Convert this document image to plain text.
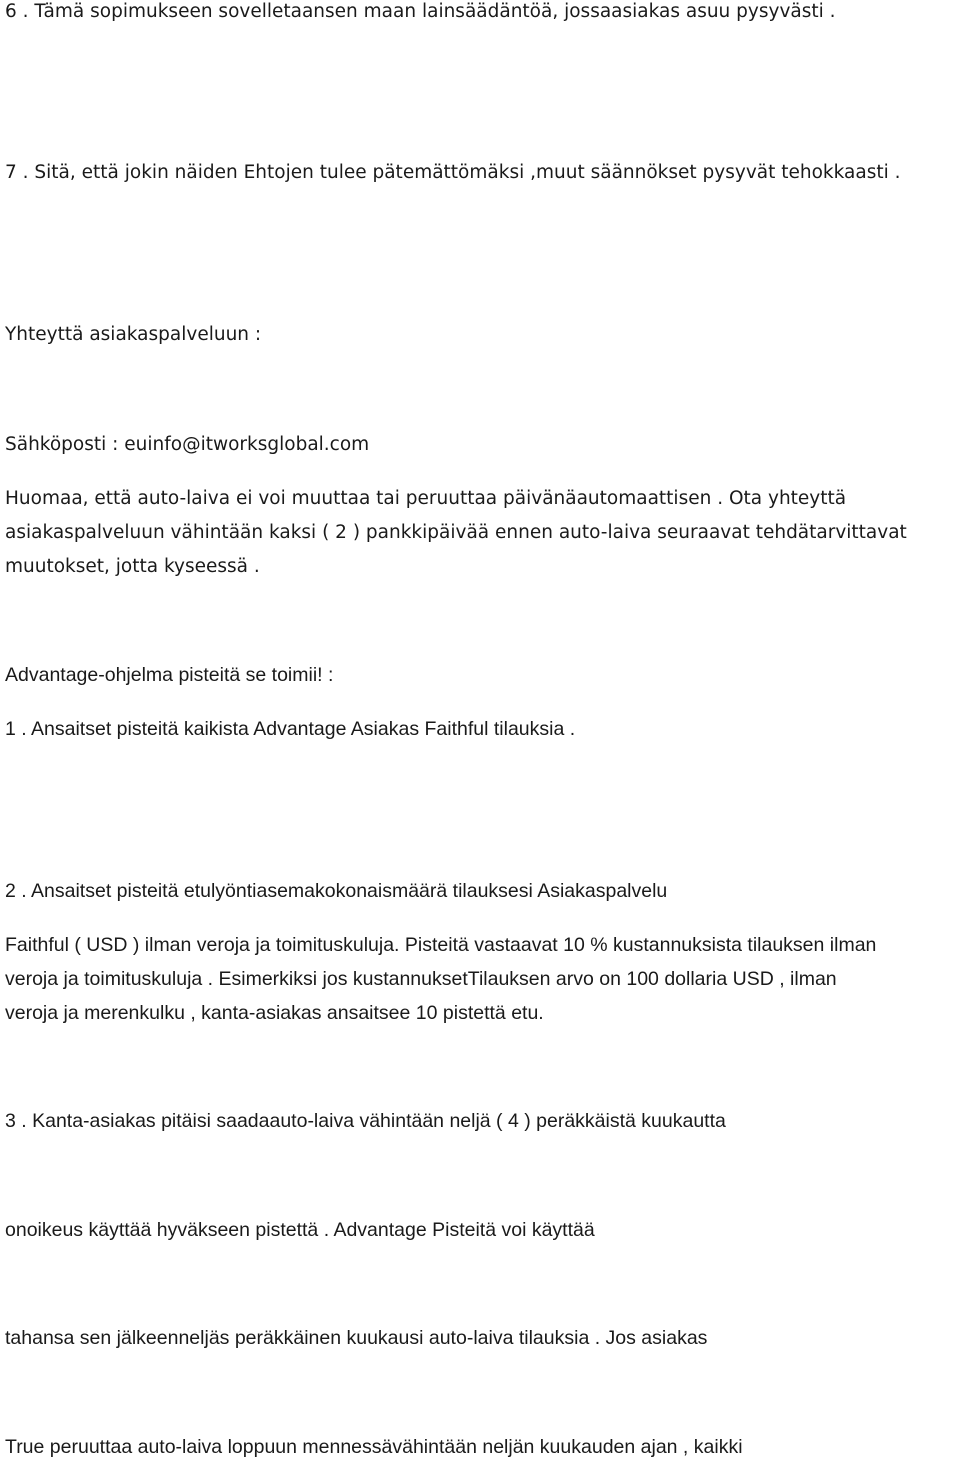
6 . Tämä sopimukseen sovelletaansen maan lainsäädäntöä, jossaasiakas asuu pysyvästi .

7 . Sitä, että jokin näiden Ehtojen tulee pätemättömäksi ,muut säännökset pysyvät tehokkaasti .

Yhteyttä asiakaspalveluun :

Sähköposti : euinfo@itworksglobal.com

Huomaa, että auto-laiva ei voi muuttaa tai peruuttaa päivänäautomaattisen . Ota yhteyttä

asiakaspalveluun vähintään kaksi ( 2 ) pankkipäivää ennen auto-laiva seuraavat tehdätarvittavat

muutokset, jotta kyseessä .

Advantage-ohjelma pisteitä se toimii! :

1 . Ansaitset pisteitä kaikista Advantage Asiakas Faithful tilauksia .

2 . Ansaitset pisteitä etulyöntiasemakokonaismäärä tilauksesi Asiakaspalvelu

Faithful ( USD ) ilman veroja ja toimituskuluja. Pisteitä vastaavat 10 % kustannuksista tilauksen ilman

veroja ja toimituskuluja . Esimerkiksi jos kustannuksetTilauksen arvo on 100 dollaria USD , ilman

veroja ja merenkulku , kanta-asiakas ansaitsee 10 pistettä etu.

3 . Kanta-asiakas pitäisi saadaauto-laiva vähintään neljä ( 4 ) peräkkäistä kuukautta

onoikeus käyttää hyväkseen pistettä . Advantage Pisteitä voi käyttää

tahansa sen jälkeenneljäs peräkkäinen kuukausi auto-laiva tilauksia . Jos asiakas

True peruuttaa auto-laiva loppuun mennessävähintään neljän kuukauden ajan , kaikki
